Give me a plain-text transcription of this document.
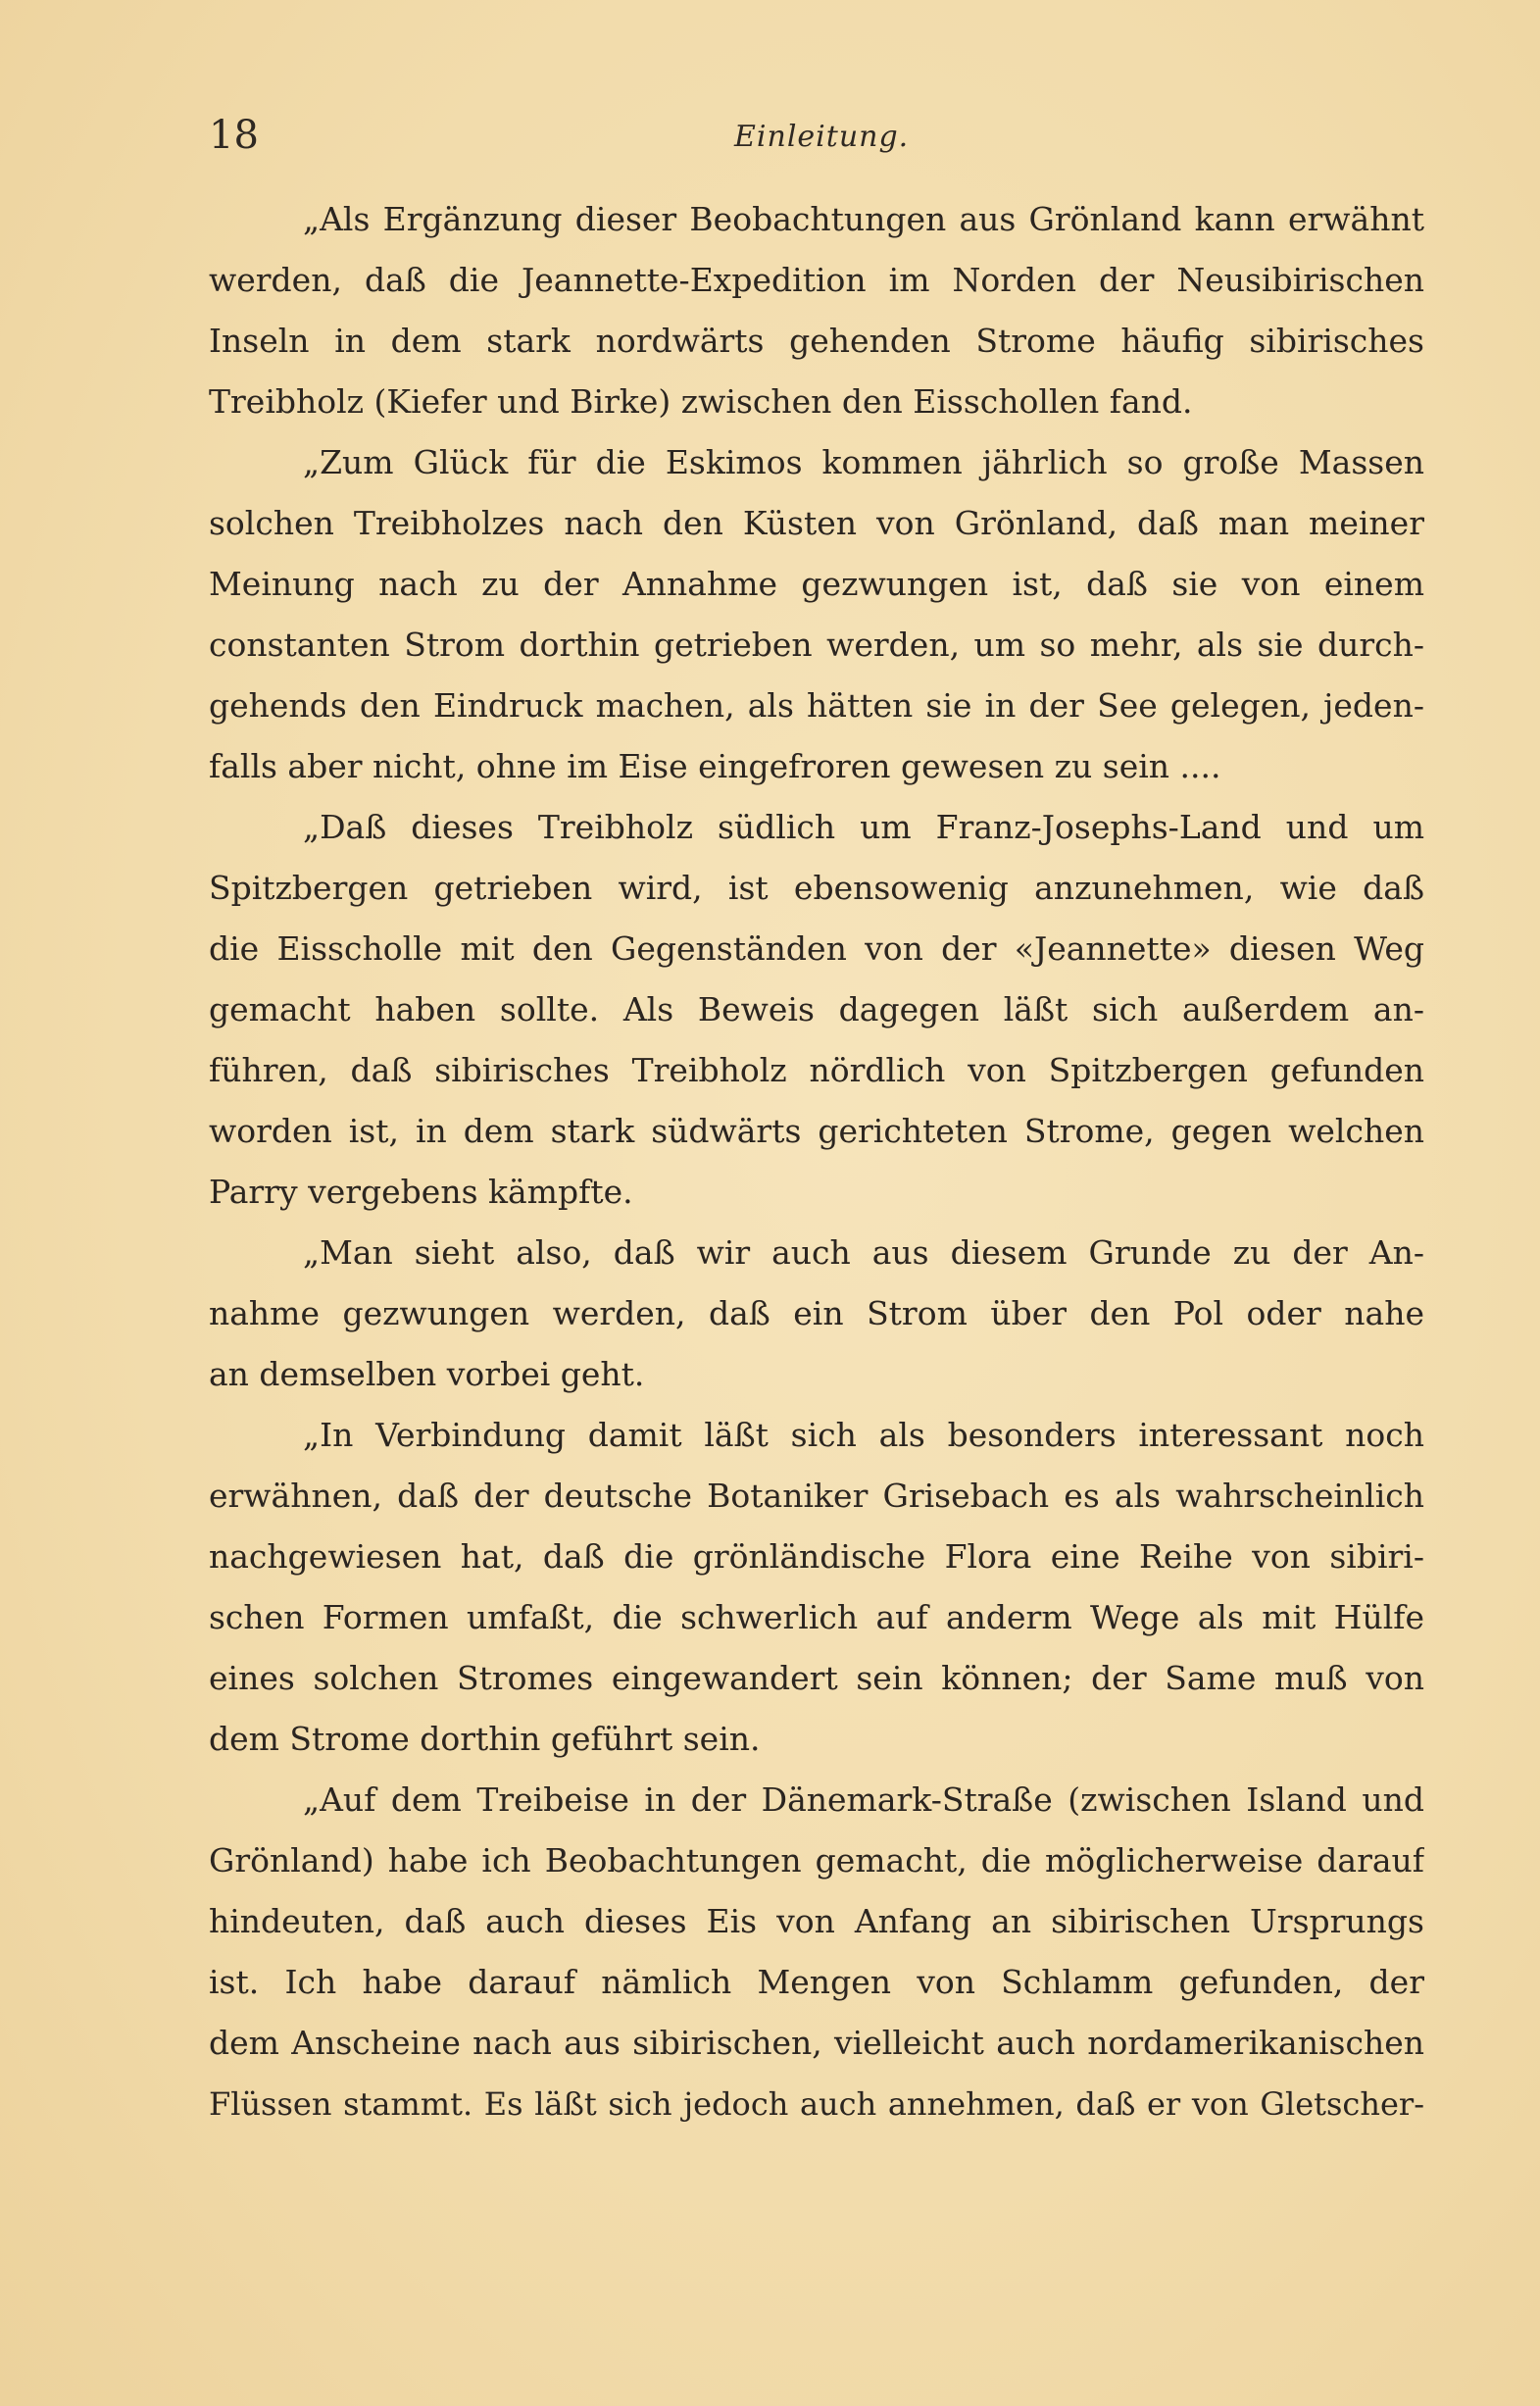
18	Einleitung.
„Als Ergänzung dieser Beobachtungen aus Grönland kann erwähnt
werden, daß die Jeannette-Expedition im Norden der Neusibirischen
Inseln in dem stark nordwärts gehenden Strome häufig sibirisches
Treibholz (Kiefer und Birke) zwischen den Eisschollen fand.
„Zum Glück für die Eskimos kommen jährlich so große Massen
solchen Treibholzes nach den Küsten von Grönland, daß man meiner
Meinung nach zu der Annahme gezwungen ist, daß sie von einem
constanten Strom dorthin getrieben werden, um so mehr, als sie durch-
gehends den Eindruck machen, als hätten sie in der See gelegen, jeden-
falls aber nicht, ohne im Eise eingefroren gewesen zu sein ....
„Daß dieses Treibholz südlich um Franz-Josephs-Land und um
Spitzbergen getrieben wird, ist ebensowenig anzunehmen, wie daß
die Eisscholle mit den Gegenständen von der «Jeannette» diesen Weg
gemacht haben sollte. Als Beweis dagegen läßt sich außerdem an-
führen, daß sibirisches Treibholz nördlich von Spitzbergen gefunden
worden ist, in dem stark südwärts gerichteten Strome, gegen welchen
Parry vergebens kämpfte.
„Man sieht also, daß wir auch aus diesem Grunde zu der An-
nahme gezwungen werden, daß ein Strom über den Pol oder nahe
an demselben vorbei geht.
„In Verbindung damit läßt sich als besonders interessant noch
erwähnen, daß der deutsche Botaniker Grisebach es als wahrscheinlich
nachgewiesen hat, daß die grönländische Flora eine Reihe von sibiri-
schen Formen umfaßt, die schwerlich auf anderm Wege als mit Hülfe
eines solchen Stromes eingewandert sein können; der Same muß von
dem Strome dorthin geführt sein.
„Auf dem Treibeise in der Dänemark-Straße (zwischen Island und
Grönland) habe ich Beobachtungen gemacht, die möglicherweise darauf
hindeuten, daß auch dieses Eis von Anfang an sibirischen Ursprungs
ist. Ich habe darauf nämlich Mengen von Schlamm gefunden, der
dem Anscheine nach aus sibirischen, vielleicht auch nordamerikanischen
Flüssen stammt. Es läßt sich jedoch auch annehmen, daß er von Gletscher-
